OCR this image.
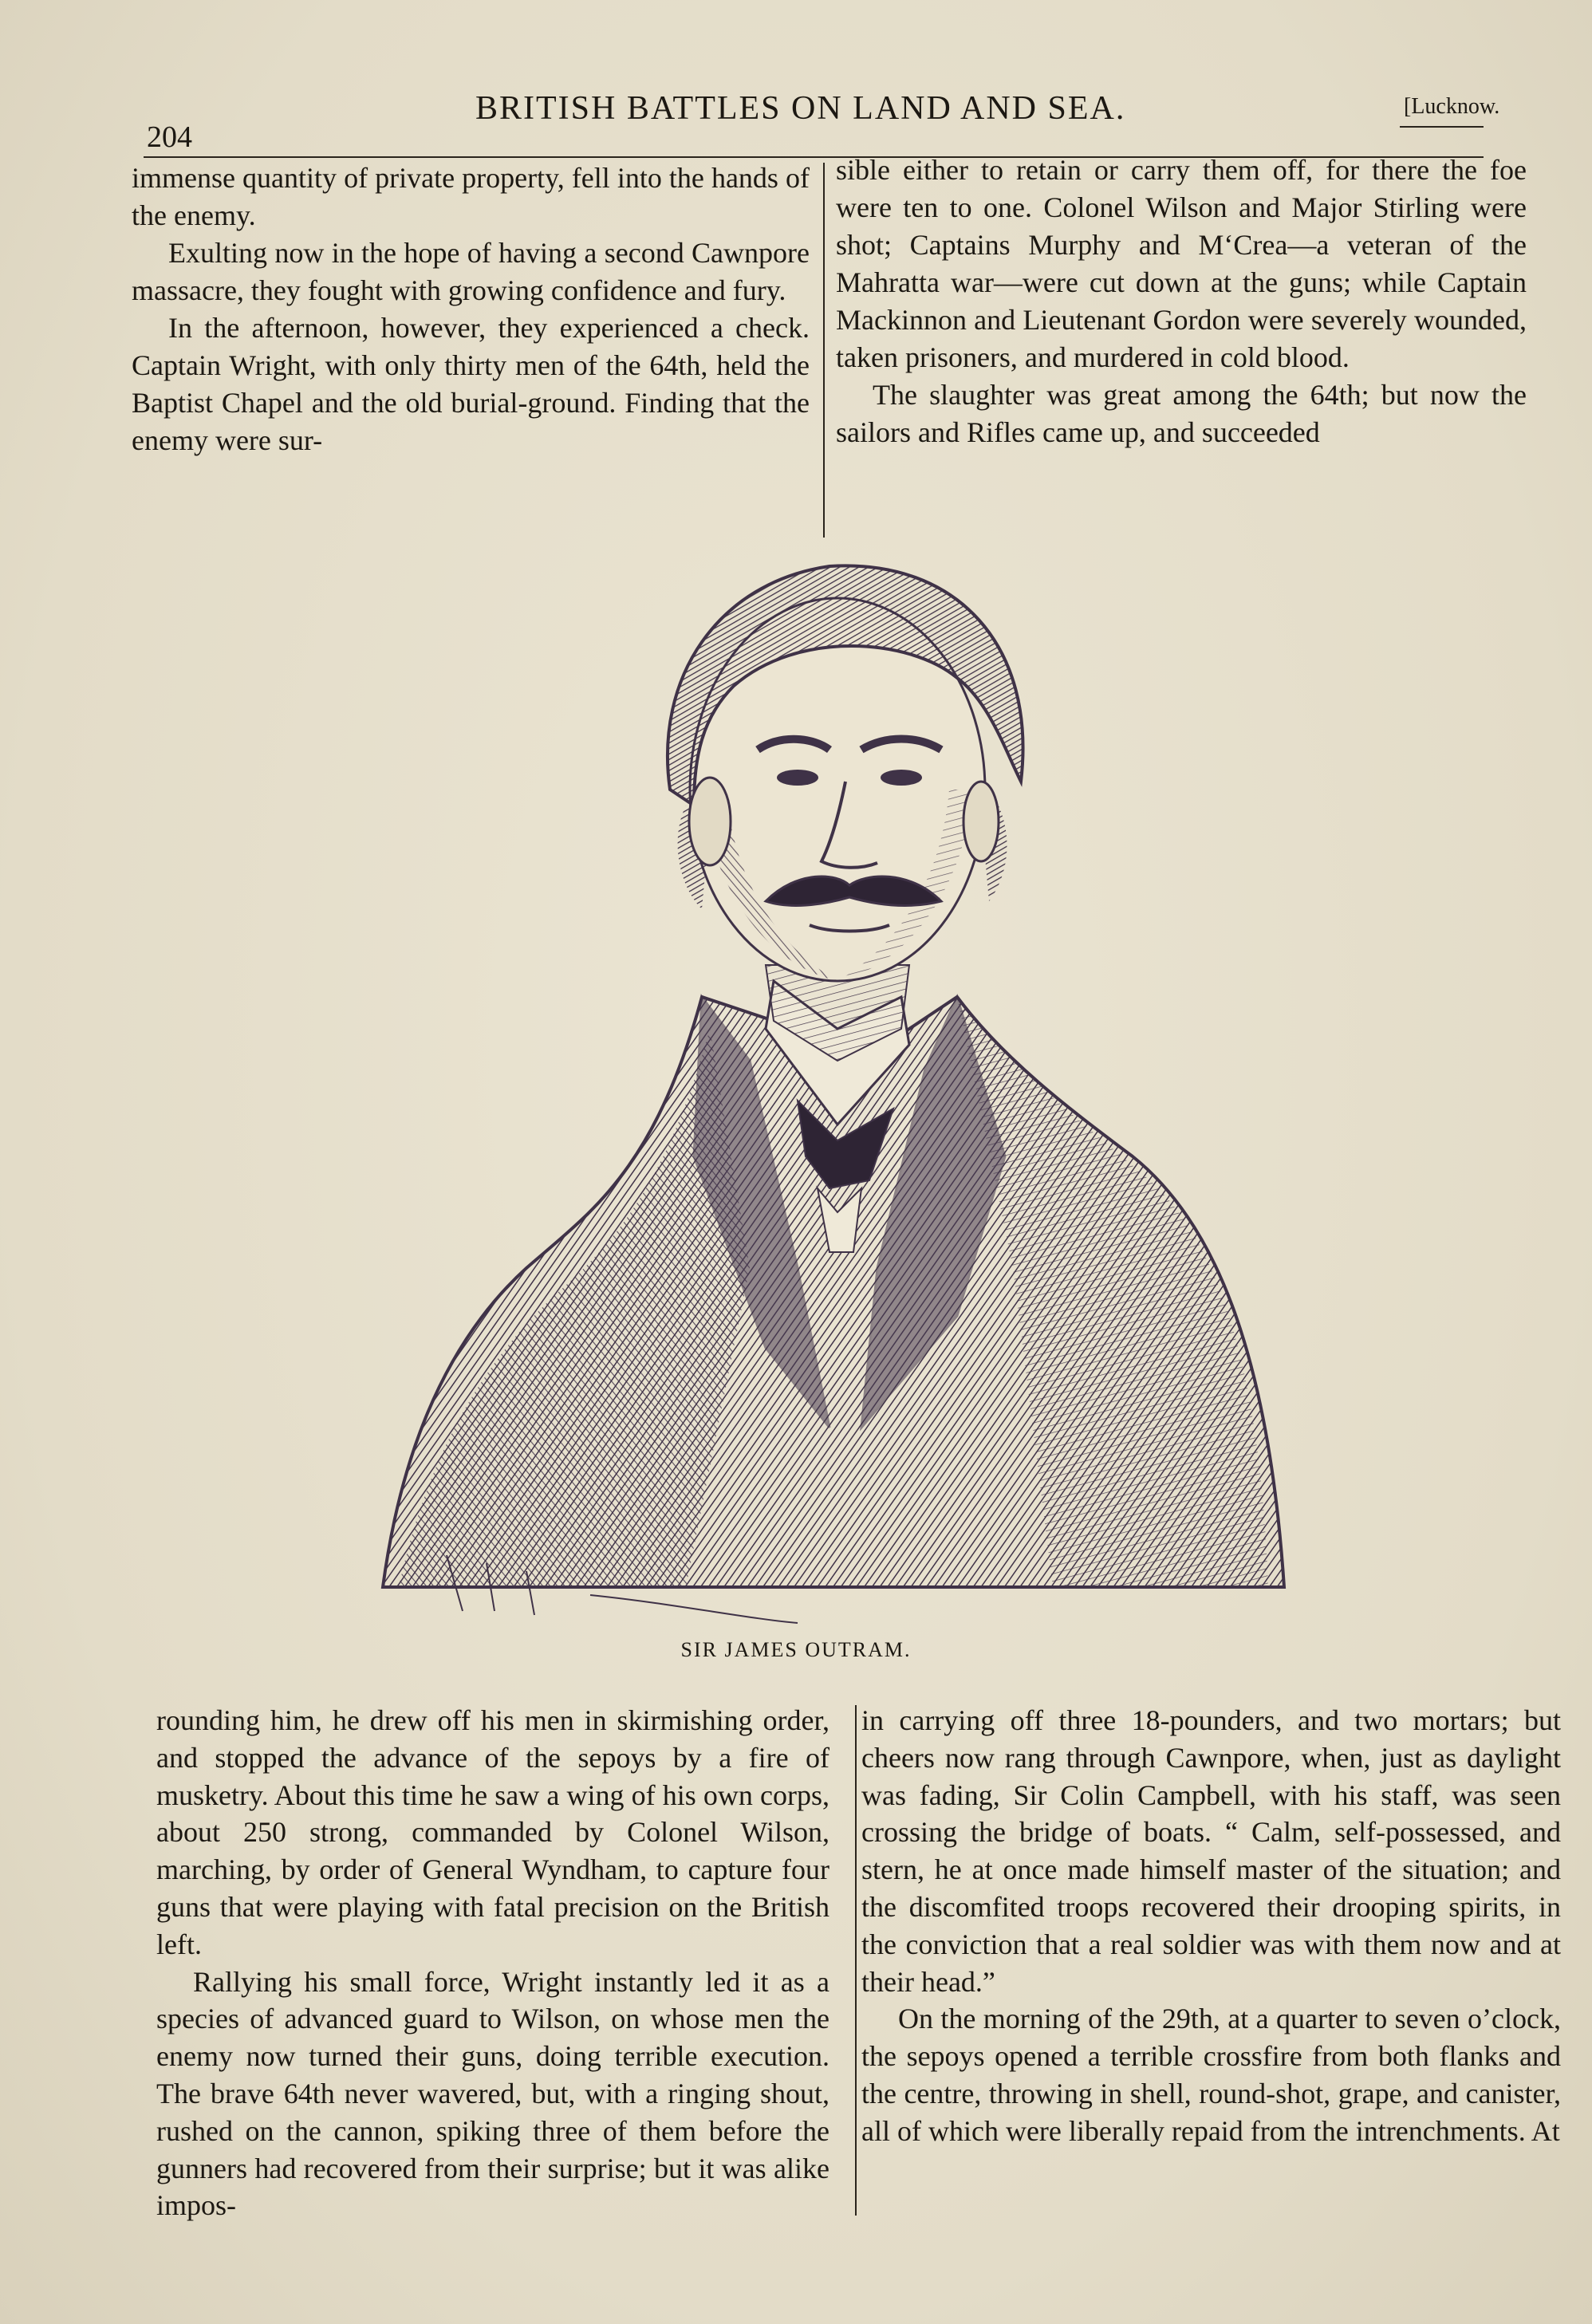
204
BRITISH BATTLES ON LAND AND SEA.	[Lucknow.

immense quantity of private property, fell into the hands of the enemy.

Exulting now in the hope of having a second Cawnpore massacre, they fought with growing confidence and fury.

In the afternoon, however, they experienced a check. Captain Wright, with only thirty men of the 64th, held the Baptist Chapel and the old burial-ground. Finding that the enemy were sur-

sible either to retain or carry them off, for there the foe were ten to one. Colonel Wilson and Major Stirling were shot; Captains Murphy and M‘Crea—a veteran of the Mahratta war—were cut down at the guns; while Captain Mackinnon and Lieutenant Gordon were severely wounded, taken prisoners, and murdered in cold blood.

The slaughter was great among the 64th; but now the sailors and Rifles came up, and succeeded

SIR JAMES OUTRAM.

rounding him, he drew off his men in skirmishing order, and stopped the advance of the sepoys by a fire of musketry. About this time he saw a wing of his own corps, about 250 strong, commanded by Colonel Wilson, marching, by order of General Wyndham, to capture four guns that were playing with fatal precision on the British left.

Rallying his small force, Wright instantly led it as a species of advanced guard to Wilson, on whose men the enemy now turned their guns, doing terrible execution. The brave 64th never wavered, but, with a ringing shout, rushed on the cannon, spiking three of them before the gunners had recovered from their surprise; but it was alike impos-

in carrying off three 18-pounders, and two mortars; but cheers now rang through Cawnpore, when, just as daylight was fading, Sir Colin Campbell, with his staff, was seen crossing the bridge of boats. “ Calm, self-possessed, and stern, he at once made himself master of the situation; and the discomfited troops recovered their drooping spirits, in the conviction that a real soldier was with them now and at their head.”

On the morning of the 29th, at a quarter to seven o’clock, the sepoys opened a terrible crossfire from both flanks and the centre, throwing in shell, round-shot, grape, and canister, all of which were liberally repaid from the intrenchments. At
